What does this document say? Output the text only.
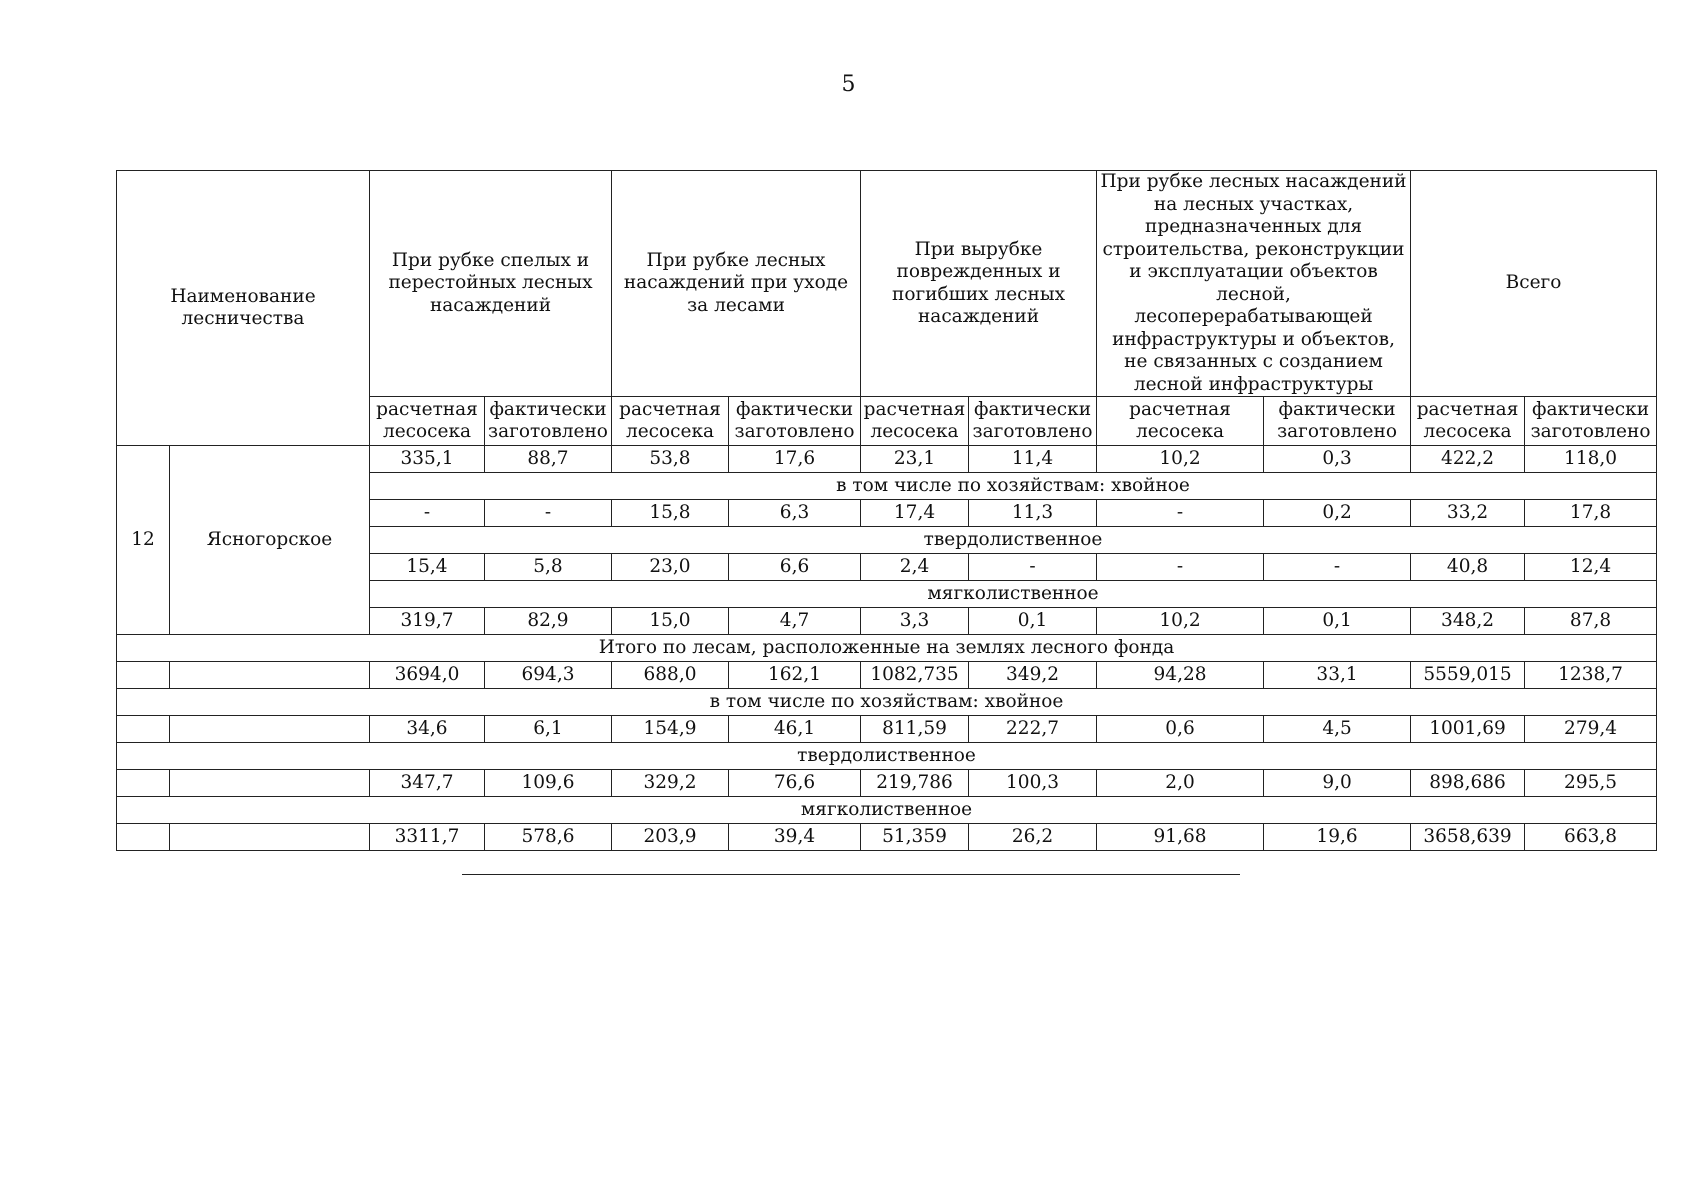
5
Наименование лесничества		При рубке спелых и перестойных лесных насаждений		При рубке лесных насаждений при уходе за лесами		При вырубке поврежденных и погибших лесных насаждений		При рубке лесных насаждений на лесных участках, предназначенных для строительства, реконструкции и эксплуатации объектов лесной, лесоперерабатывающей инфраструктуры и объектов, не связанных с созданием лесной инфраструктуры		Всего	
		расчетная лесосека	фактически заготовлено	расчетная лесосека	фактически заготовлено	расчетная лесосека	фактически заготовлено	расчетная лесосека	фактически заготовлено	расчетная лесосека	фактически заготовлено
12	Ясногорское	335,1	88,7	53,8	17,6	23,1	11,4	10,2	0,3	422,2	118,0
		в том числе по хозяйствам: хвойное									
		-	-	15,8	6,3	17,4	11,3	-	0,2	33,2	17,8
		твердолиственное									
		15,4	5,8	23,0	6,6	2,4	-	-	-	40,8	12,4
		мягколиственное									
		319,7	82,9	15,0	4,7	3,3	0,1	10,2	0,1	348,2	87,8
Итого по лесам, расположенные на землях лесного фонда											
		3694,0	694,3	688,0	162,1	1082,735	349,2	94,28	33,1	5559,015	1238,7
в том числе по хозяйствам: хвойное											
		34,6	6,1	154,9	46,1	811,59	222,7	0,6	4,5	1001,69	279,4
твердолиственное											
		347,7	109,6	329,2	76,6	219,786	100,3	2,0	9,0	898,686	295,5
мягколиственное											
		3311,7	578,6	203,9	39,4	51,359	26,2	91,68	19,6	3658,639	663,8
